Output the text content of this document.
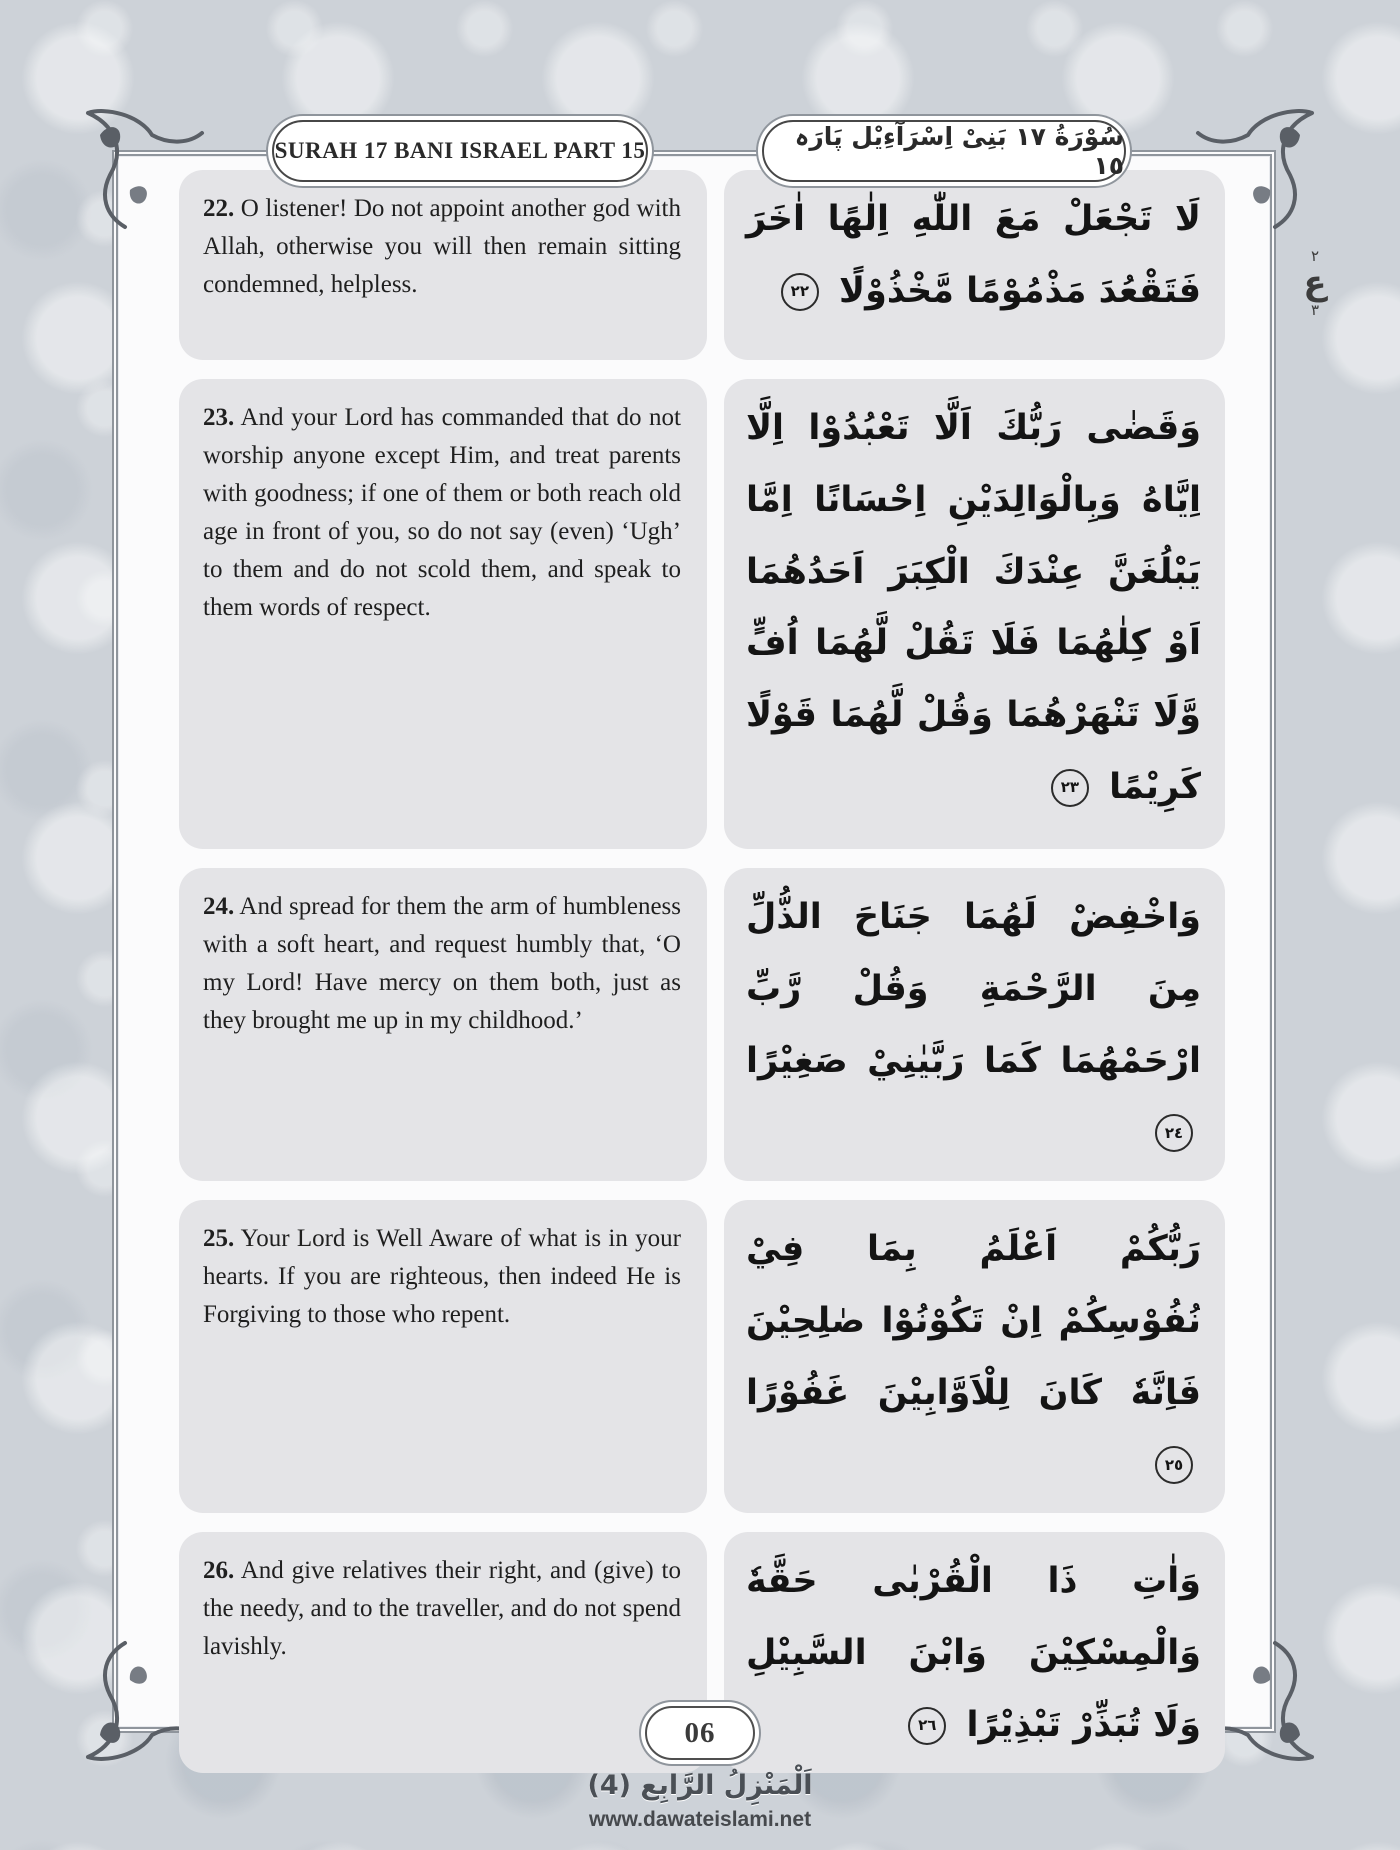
SURAH 17 BANI ISRAEL PART 15	سُوْرَةُ ١٧ بَنِىْ اِسْرَآءِيْل پَارَہ ١٥
٢
ع
٣
22. O listener! Do not appoint another god with Allah, otherwise you will then remain sitting condemned, helpless.
لَا تَجْعَلْ مَعَ اللّٰهِ اِلٰهًا اٰخَرَ فَتَقْعُدَ مَذْمُوْمًا مَّخْذُوْلًا ٢٢
23. And your Lord has commanded that do not worship anyone except Him, and treat parents with goodness; if one of them or both reach old age in front of you, so do not say (even) ‘Ugh’ to them and do not scold them, and speak to them words of respect.
وَقَضٰى رَبُّكَ اَلَّا تَعْبُدُوْا اِلَّا اِيَّاهُ وَبِالْوَالِدَيْنِ اِحْسَانًا اِمَّا يَبْلُغَنَّ عِنْدَكَ الْكِبَرَ اَحَدُهُمَا اَوْ كِلٰهُمَا فَلَا تَقُلْ لَّهُمَا اُفٍّ وَّلَا تَنْهَرْهُمَا وَقُلْ لَّهُمَا قَوْلًا كَرِيْمًا ٢٣
24. And spread for them the arm of humbleness with a soft heart, and request humbly that, ‘O my Lord! Have mercy on them both, just as they brought me up in my childhood.’
وَاخْفِضْ لَهُمَا جَنَاحَ الذُّلِّ مِنَ الرَّحْمَةِ وَقُلْ رَّبِّ ارْحَمْهُمَا كَمَا رَبَّيٰنِيْ صَغِيْرًا ٢٤
25. Your Lord is Well Aware of what is in your hearts. If you are righteous, then indeed He is Forgiving to those who repent.
رَبُّكُمْ اَعْلَمُ بِمَا فِيْ نُفُوْسِكُمْ اِنْ تَكُوْنُوْا صٰلِحِيْنَ فَاِنَّهٗ كَانَ لِلْاَوَّابِيْنَ غَفُوْرًا ٢٥
26. And give relatives their right, and (give) to the needy, and to the traveller, and do not spend lavishly.
وَاٰتِ ذَا الْقُرْبٰى حَقَّهٗ وَالْمِسْكِيْنَ وَابْنَ السَّبِيْلِ وَلَا تُبَذِّرْ تَبْذِيْرًا ٢٦
06
اَلْمَنْزِلُ الرَّابِع (4)
www.dawateislami.net
